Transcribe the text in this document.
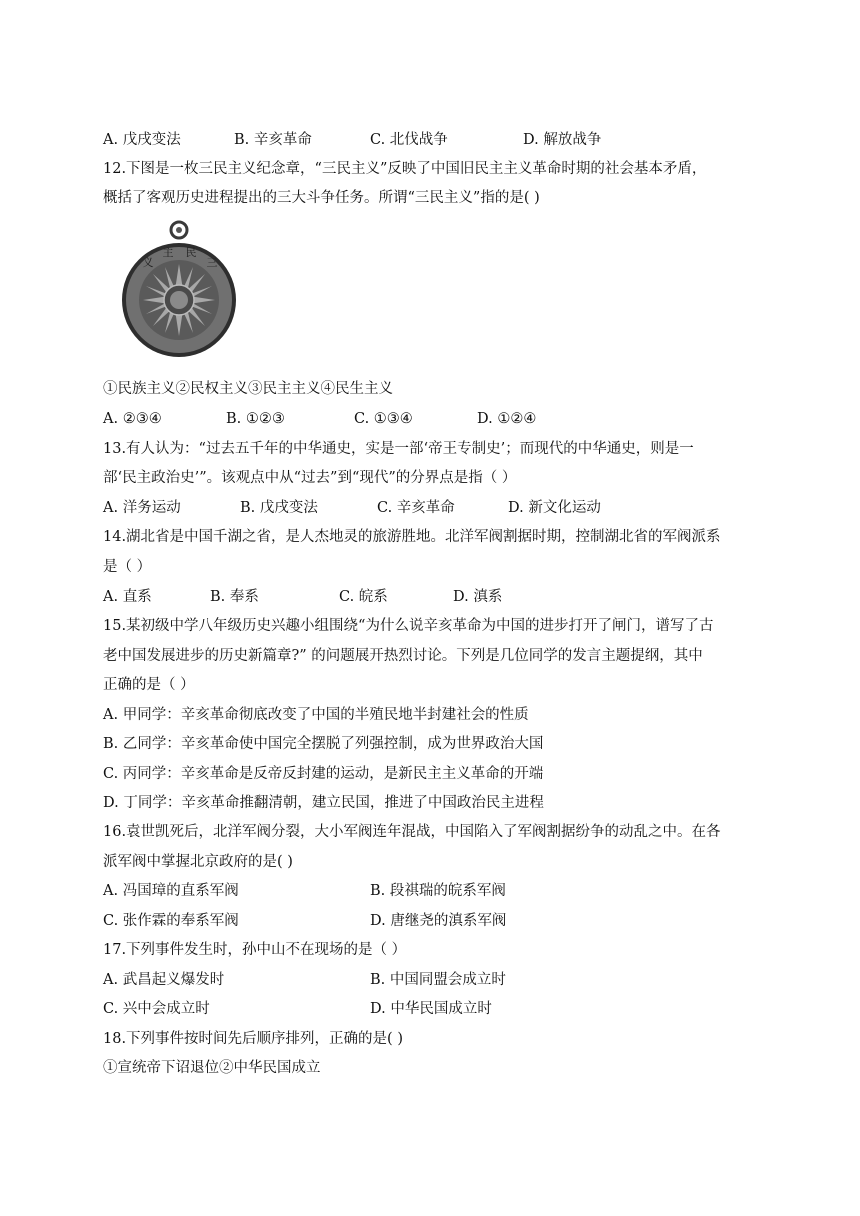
A. 戊戌变法	B. 辛亥革命	C. 北伐战争	D. 解放战争
12.下图是一枚三民主义纪念章，“三民主义”反映了中国旧民主主义革命时期的社会基本矛盾，
概括了客观历史进程提出的三大斗争任务。所谓“三民主义”指的是( )
义
主 民
三
①民族主义②民权主义③民主主义④民生主义
A. ②③④	B. ①②③	C. ①③④	D. ①②④
13.有人认为：“过去五千年的中华通史，实是一部‘帝王专制史’；而现代的中华通史，则是一
部‘民主政治史’”。该观点中从“过去”到“现代”的分界点是指（ ）
A. 洋务运动	B. 戊戌变法	C. 辛亥革命	D. 新文化运动
14.湖北省是中国千湖之省，是人杰地灵的旅游胜地。北洋军阀割据时期，控制湖北省的军阀派系
是（ ）
A. 直系	B. 奉系	C. 皖系	D. 滇系
15.某初级中学八年级历史兴趣小组围绕“为什么说辛亥革命为中国的进步打开了闸门，谱写了古
老中国发展进步的历史新篇章?” 的问题展开热烈讨论。下列是几位同学的发言主题提纲，其中
正确的是（ ）
A. 甲同学：辛亥革命彻底改变了中国的半殖民地半封建社会的性质
B. 乙同学：辛亥革命使中国完全摆脱了列强控制，成为世界政治大国
C. 丙同学：辛亥革命是反帝反封建的运动，是新民主主义革命的开端
D. 丁同学：辛亥革命推翻清朝，建立民国，推进了中国政治民主进程
16.袁世凯死后，北洋军阀分裂，大小军阀连年混战，中国陷入了军阀割据纷争的动乱之中。在各
派军阀中掌握北京政府的是( )
A. 冯国璋的直系军阀	B. 段祺瑞的皖系军阀
C. 张作霖的奉系军阀	D. 唐继尧的滇系军阀
17.下列事件发生时，孙中山不在现场的是（ ）
A. 武昌起义爆发时	B. 中国同盟会成立时
C. 兴中会成立时	D. 中华民国成立时
18.下列事件按时间先后顺序排列，正确的是( )
①宣统帝下诏退位②中华民国成立
